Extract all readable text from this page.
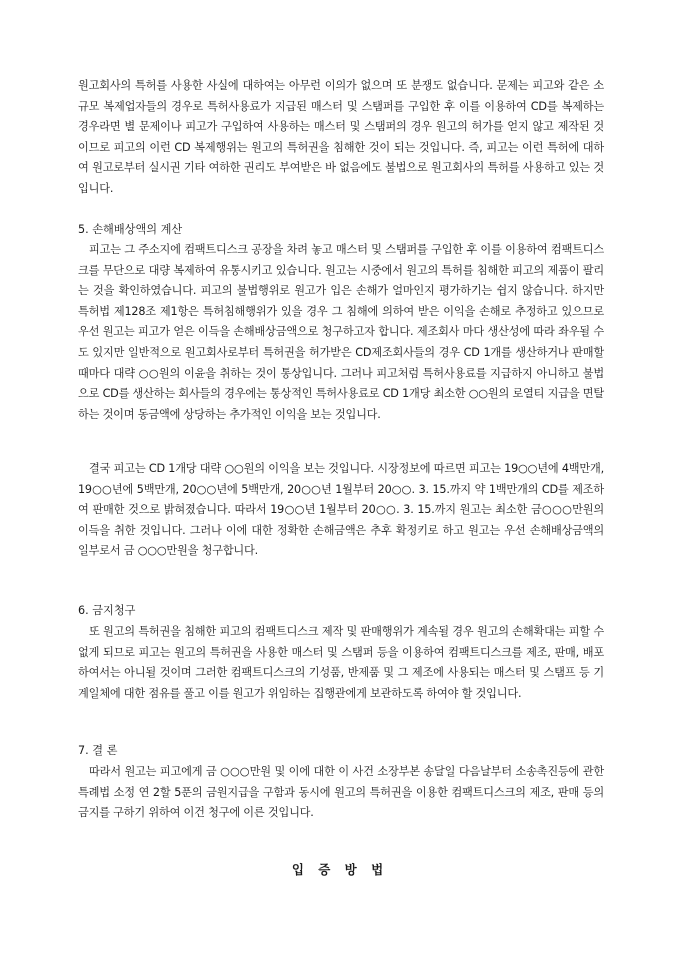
원고회사의 특허를 사용한 사실에 대하여는 아무런 이의가 없으며 또 분쟁도 없습니다. 문제는 피고와 같은 소규모 복제업자들의 경우로 특허사용료가 지급된 매스터 및 스탬퍼를 구입한 후 이를 이용하여 CD를 복제하는 경우라면 별 문제이나 피고가 구입하여 사용하는 매스터 및 스탬퍼의 경우 원고의 허가를 얻지 않고 제작된 것이므로 피고의 이런 CD 복제행위는 원고의 특허권을 침해한 것이 되는 것입니다. 즉, 피고는 이런 특허에 대하여 원고로부터 실시권 기타 여하한 권리도 부여받은 바 없음에도 불법으로 원고회사의 특허를 사용하고 있는 것입니다.

5. 손해배상액의 계산

피고는 그 주소지에 컴팩트디스크 공장을 차려 놓고 매스터 및 스탬퍼를 구입한 후 이를 이용하여 컴팩트디스크를 무단으로 대량 복제하여 유통시키고 있습니다. 원고는 시중에서 원고의 특허를 침해한 피고의 제품이 팔리는 것을 확인하였습니다. 피고의 불법행위로 원고가 입은 손해가 얼마인지 평가하기는 쉽지 않습니다. 하지만 특허법 제128조 제1항은 특허침해행위가 있을 경우 그 침해에 의하여 받은 이익을 손해로 추정하고 있으므로 우선 원고는 피고가 얻은 이득을 손해배상금액으로 청구하고자 합니다. 제조회사 마다 생산성에 따라 좌우될 수도 있지만 일반적으로 원고회사로부터 특허권을 허가받은 CD제조회사들의 경우 CD 1개를 생산하거나 판매할 때마다 대략 ○○원의 이윤을 취하는 것이 통상입니다. 그러나 피고처럼 특허사용료를 지급하지 아니하고 불법으로 CD를 생산하는 회사들의 경우에는 통상적인 특허사용료로 CD 1개당 최소한 ○○원의 로열티 지급을 면탈하는 것이며 동금액에 상당하는 추가적인 이익을 보는 것입니다.

결국 피고는 CD 1개당 대략 ○○원의 이익을 보는 것입니다. 시장정보에 따르면 피고는 19○○년에 4백만개, 19○○년에 5백만개, 20○○년에 5백만개, 20○○년 1월부터 20○○. 3. 15.까지 약 1백만개의 CD를 제조하여 판매한 것으로 밝혀졌습니다. 따라서 19○○년 1월부터 20○○. 3. 15.까지 원고는 최소한 금○○○만원의 이득을 취한 것입니다. 그러나 이에 대한 정확한 손해금액은 추후 확정키로 하고 원고는 우선 손해배상금액의 일부로서 금 ○○○만원을 청구합니다.

6. 금지청구

또 원고의 특허권을 침해한 피고의 컴팩트디스크 제작 및 판매행위가 계속될 경우 원고의 손해확대는 피할 수 없게 되므로 피고는 원고의 특허권을 사용한 매스터 및 스탬퍼 등을 이용하여 컴팩트디스크를 제조, 판매, 배포하여서는 아니될 것이며 그러한 컴팩트디스크의 기성품, 반제품 및 그 제조에 사용되는 매스터 및 스탬프 등 기계일체에 대한 점유를 풀고 이를 원고가 위임하는 집행관에게 보관하도록 하여야 할 것입니다.

7. 결 론

따라서 원고는 피고에게 금 ○○○만원 및 이에 대한 이 사건 소장부본 송달일 다음날부터 소송촉진등에 관한 특례법 소정 연 2할 5푼의 금원지급을 구함과 동시에 원고의 특허권을 이용한 컴팩트디스크의 제조, 판매 등의 금지를 구하기 위하여 이건 청구에 이른 것입니다.

입 증 방 법
